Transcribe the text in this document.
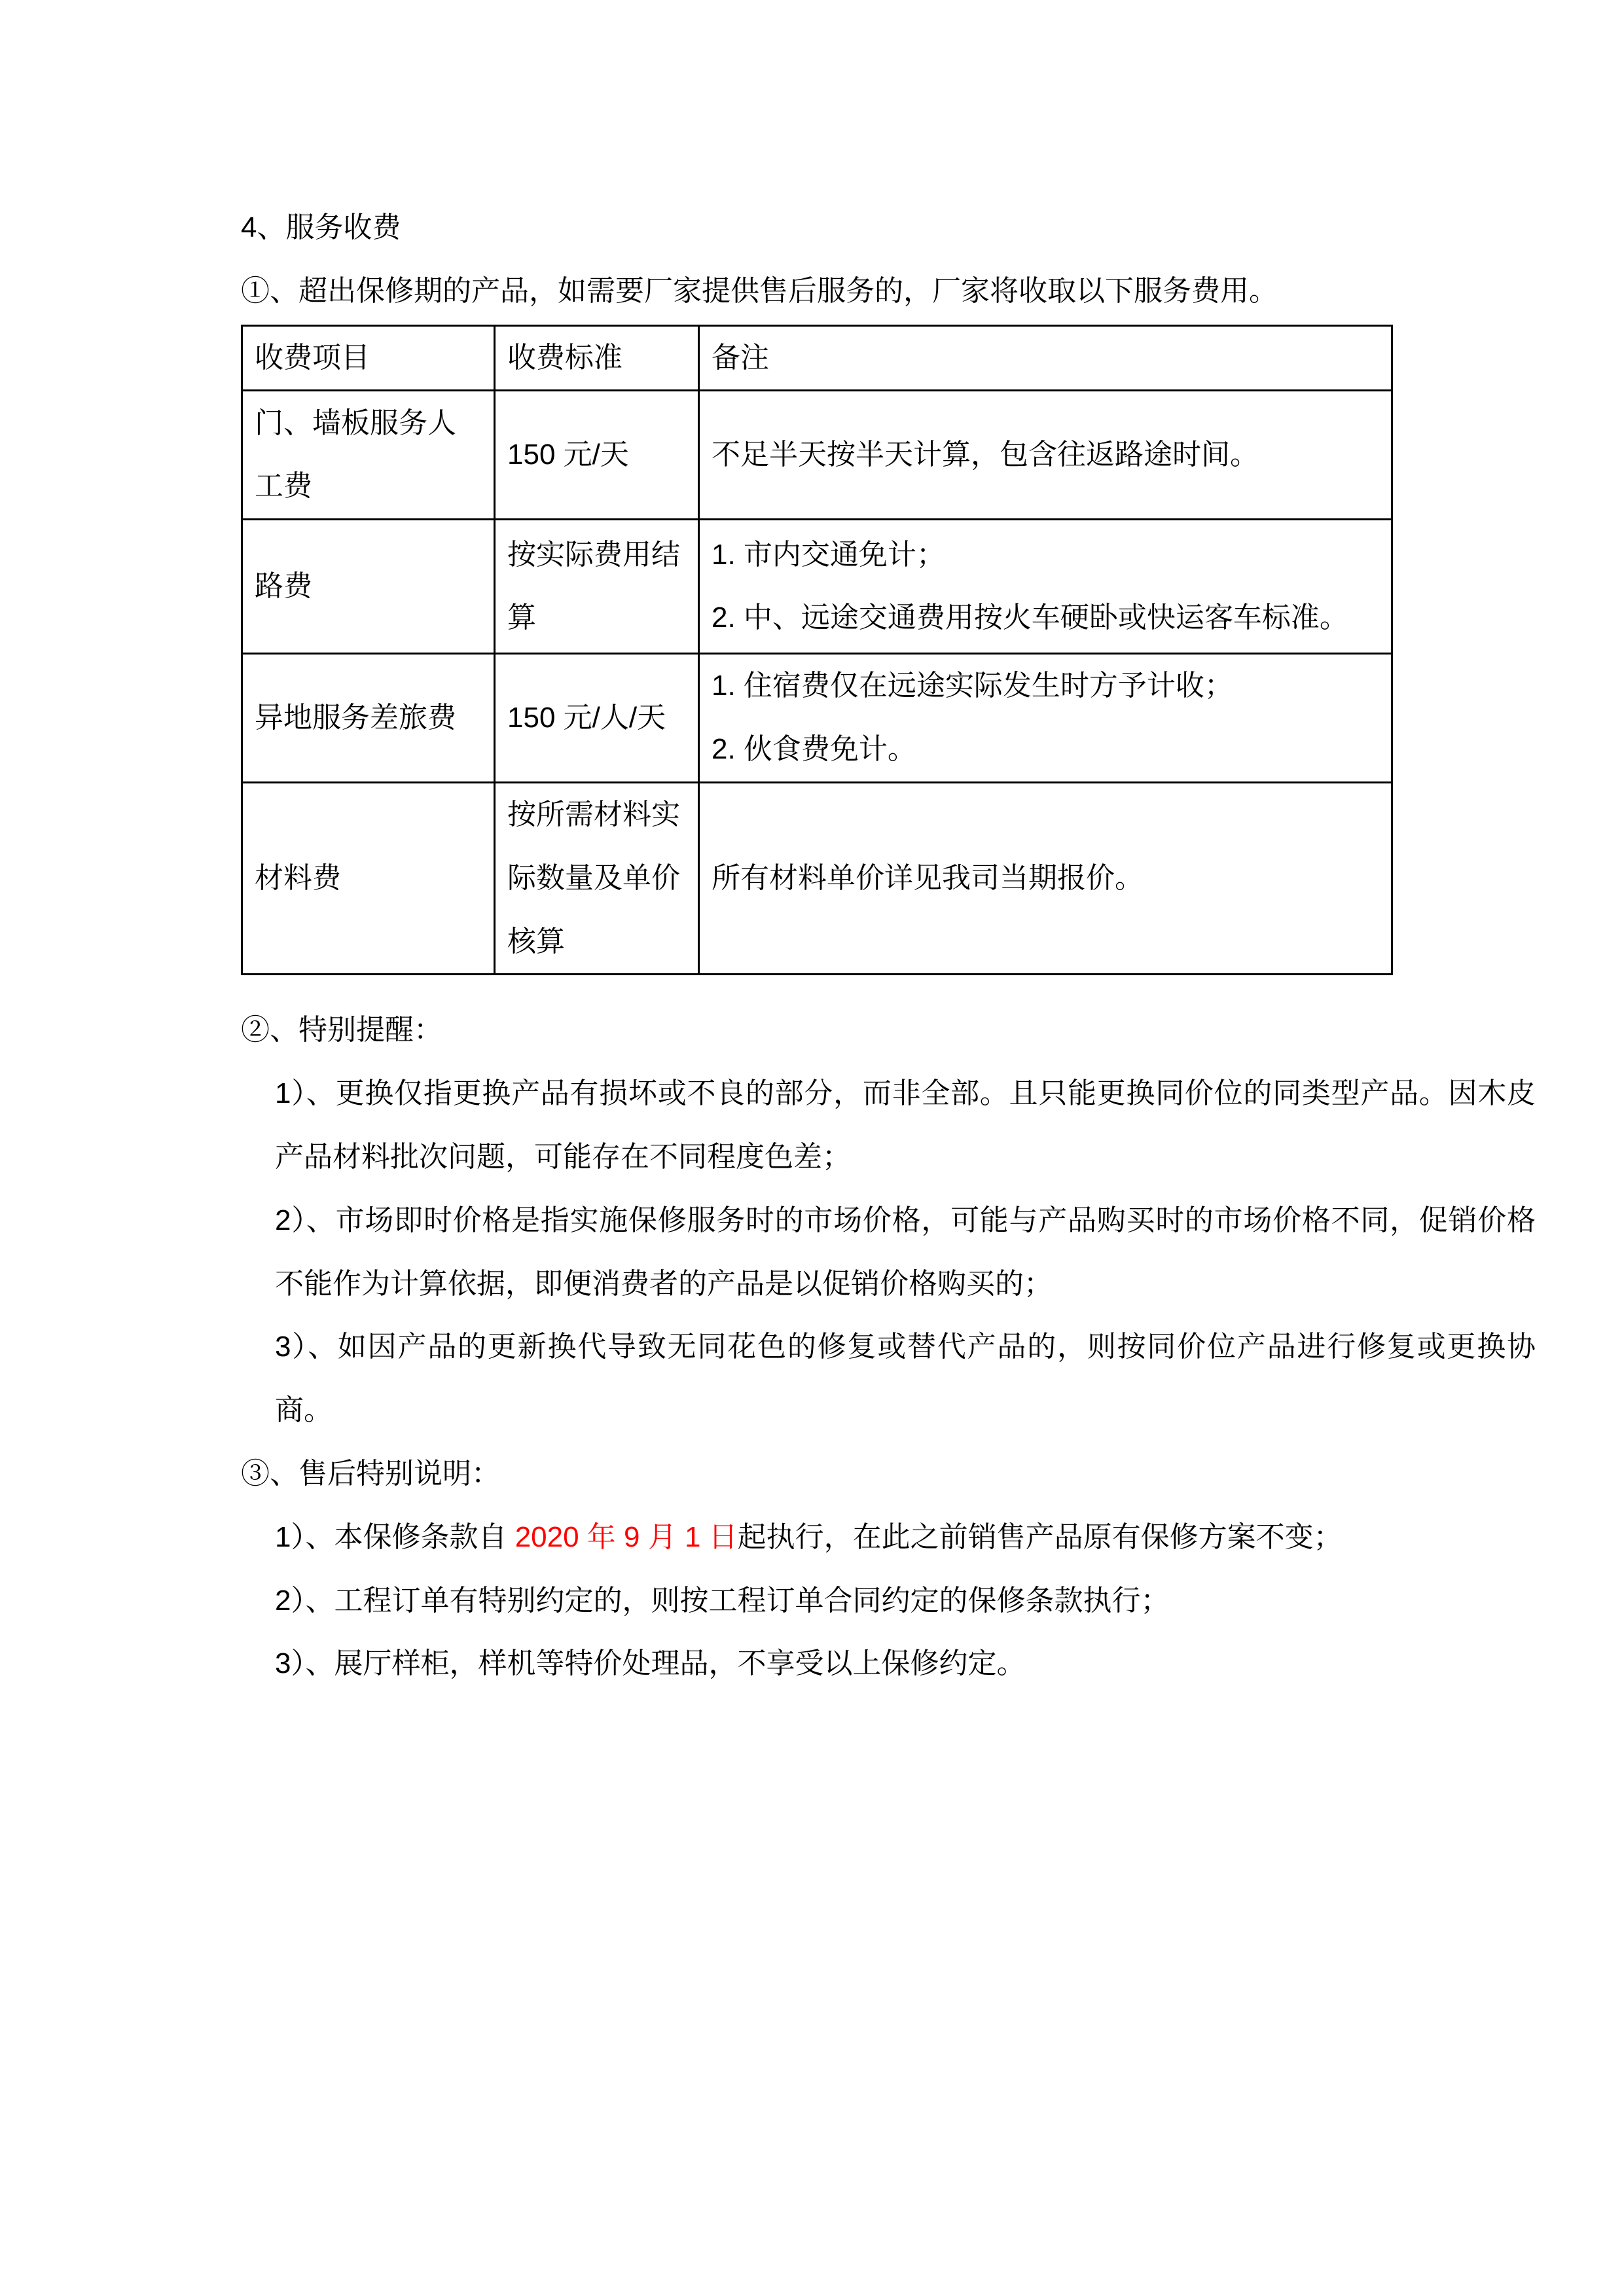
4、服务收费
①、超出保修期的产品，如需要厂家提供售后服务的，厂家将收取以下服务费用。
收费项目	收费标准	备注
门、墙板服务人工费	150 元/天	不足半天按半天计算，包含往返路途时间。

路费	按实际费用结算	1. 市内交通免计；
2. 中、远途交通费用按火车硬卧或快运客车标准。

异地服务差旅费	150 元/人/天	1. 住宿费仅在远途实际发生时方予计收；
2. 伙食费免计。

材料费	按所需材料实际数量及单价核算	所有材料单价详见我司当期报价。
②、特别提醒：
1）、更换仅指更换产品有损坏或不良的部分，而非全部。且只能更换同价位的同类型产品。因木皮产品材料批次问题，可能存在不同程度色差；
2）、市场即时价格是指实施保修服务时的市场价格，可能与产品购买时的市场价格不同，促销价格不能作为计算依据，即便消费者的产品是以促销价格购买的；
3）、如因产品的更新换代导致无同花色的修复或替代产品的，则按同价位产品进行修复或更换协商。
③、售后特别说明：
1）、本保修条款自 2020 年 9 月 1 日起执行，在此之前销售产品原有保修方案不变；
2）、工程订单有特别约定的，则按工程订单合同约定的保修条款执行；
3）、展厅样柜，样机等特价处理品，不享受以上保修约定。
